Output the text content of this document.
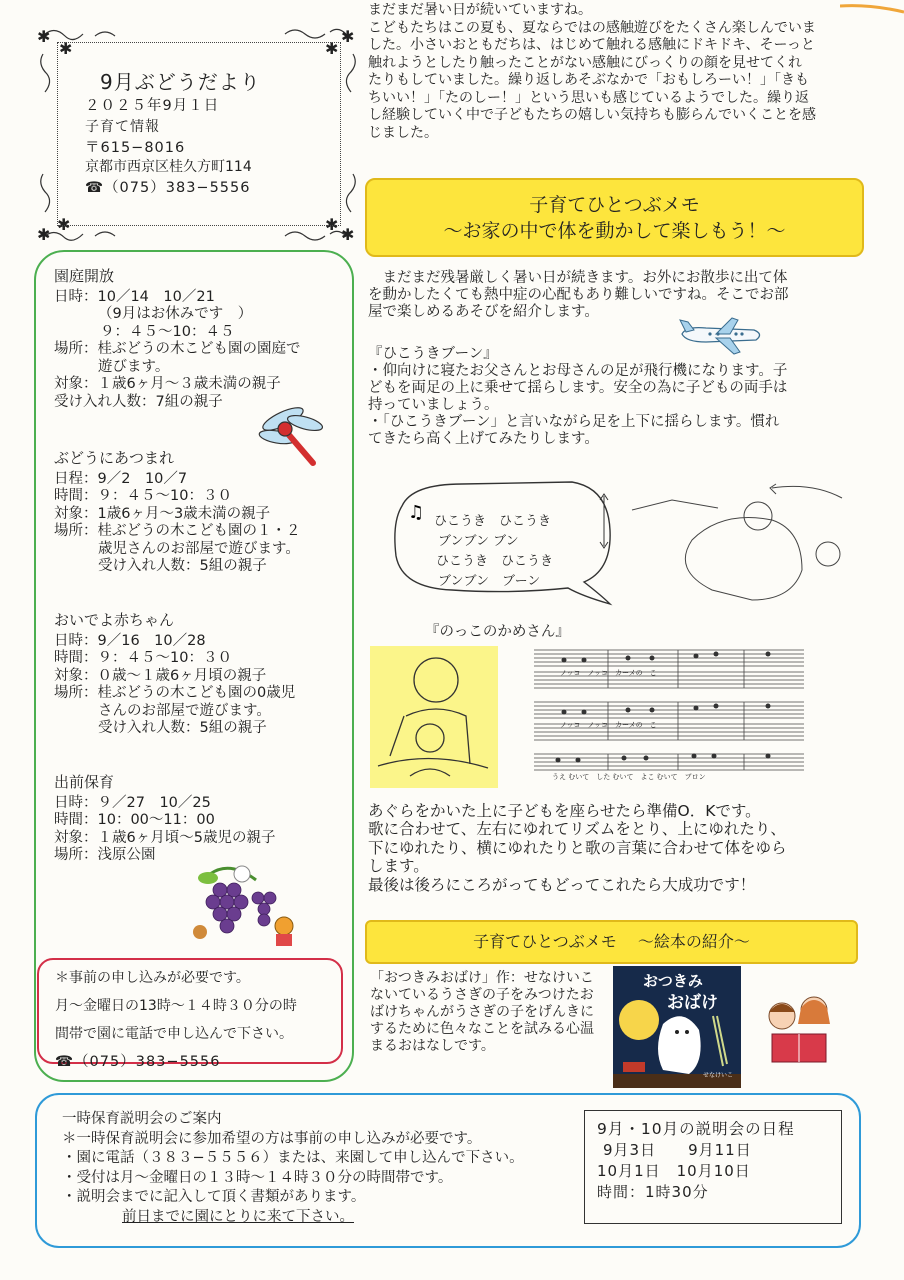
✱
✱
✱
✱
✱
✱
✱
✱
9月ぶどうだより
２０２５年9月１日
子育て情報
〒615−8016
京都市西京区桂久方町114
☎（075）383−5556
まだまだ暑い日が続いていますね。
こどもたちはこの夏も、夏ならではの感触遊びをたくさん楽しんでいま
した。小さいおともだちは、はじめて触れる感触にドキドキ、そーっと
触れようとしたり触ったことがない感触にびっくりの顔を見せてくれ
たりもしていました。繰り返しあそぶなかで「おもしろーい！」「きも
ちいい！」「たのしー！」という思いも感じているようでした。繰り返
し経験していく中で子どもたちの嬉しい気持ちも膨らんでいくことを感
じました。
園庭開放
日時：10／14　10／21
（9月はお休みです　）
９：４５〜10：４５
場所：桂ぶどうの木こども園の園庭で
遊びます。
対象：１歳6ヶ月〜３歳未満の親子
受け入れ人数：7組の親子
ぶどうにあつまれ
日程：9／2　10／7
時間：９：４５〜10：３０
対象：1歳6ヶ月〜3歳未満の親子
場所：桂ぶどうの木こども園の１・２
歳児さんのお部屋で遊びます。
受け入れ人数：5組の親子
おいでよ赤ちゃん
日時：9／16　10／28
時間：９：４５〜10：３０
対象：０歳〜１歳6ヶ月頃の親子
場所：桂ぶどうの木こども園の0歳児
さんのお部屋で遊びます。
受け入れ人数：5組の親子
出前保育
日時：９／27　10／25
時間：10：00〜11：00
対象：１歳6ヶ月頃〜5歳児の親子
場所：浅原公園
＊事前の申し込みが必要です。
月〜金曜日の13時〜１４時３０分の時
間帯で園に電話で申し込んで下さい。
☎（075）383−5556
子育てひとつぶメモ
〜お家の中で体を動かして楽しもう！〜
　まだまだ残暑厳しく暑い日が続きます。お外にお散歩に出て体
を動かしたくても熱中症の心配もあり難しいですね。そこでお部
屋で楽しめるあそびを紹介します。
『ひこうきブーン』
・仰向けに寝たお父さんとお母さんの足が飛行機になります。子
どもを両足の上に乗せて揺らします。安全の為に子どもの両手は
持っていましょう。
・「ひこうきブーン」と言いながら足を上下に揺らします。慣れ
てきたら高く上げてみたりします。
♫ ひこうき　ひこうき
ブンブン ブン
ひこうき　ひこうき
ブンブン　ブーン
『のっこのかめさん』
ノッコ　ノッコ　カーメの　こ
ノッコ　ノッコ　カーメの　こ
うえ むいて　した むいて　よこ むいて　ブロン
あぐらをかいた上に子どもを座らせたら準備O．Kです。
歌に合わせて、左右にゆれてリズムをとり、上にゆれたり、
下にゆれたり、横にゆれたりと歌の言葉に合わせて体をゆら
します。
最後は後ろにころがってもどってこれたら大成功です！
子育てひとつぶメモ　 〜絵本の紹介〜
「おつきみおばけ」作：せなけいこ
ないているうさぎの子をみつけたお
ばけちゃんがうさぎの子をげんきに
するために色々なことを試みる心温
まるおはなしです。
おつきみ
おばけ
せなけいこ
一時保育説明会のご案内
＊一時保育説明会に参加希望の方は事前の申し込みが必要です。
・園に電話（３８３−５５５６）または、来園して申し込んで下さい。
・受付は月〜金曜日の１３時〜１４時３０分の時間帯です。
・説明会までに記入して頂く書類があります。
前日までに園にとりに来て下さい。
9月・10月の説明会の日程
9月3日　　9月11日
10月1日　10月10日
時間：1時30分
